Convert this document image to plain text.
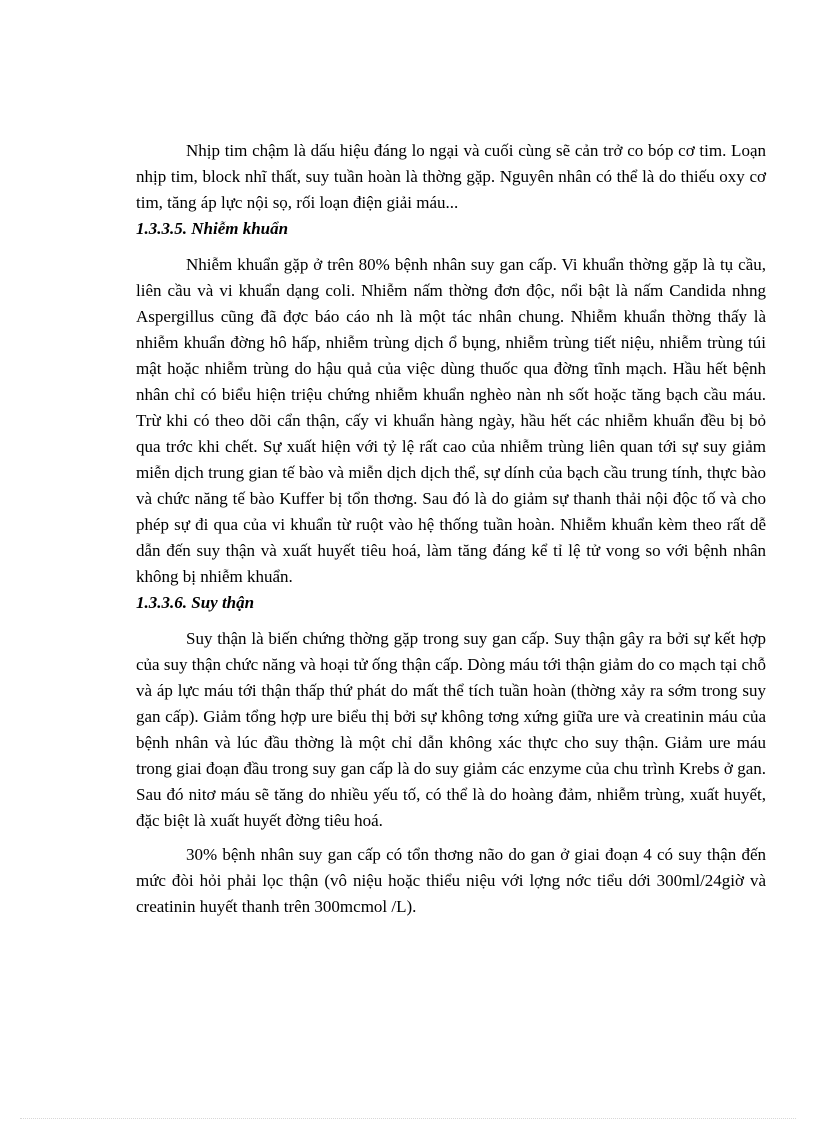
Nhịp tim chậm là dấu hiệu đáng lo ngại và cuối cùng sẽ cản trở co bóp cơ tim. Loạn nhịp tim, block nhĩ thất, suy tuần hoàn là thờng gặp. Nguyên nhân có thể là do thiếu oxy cơ tim, tăng áp lực nội sọ, rối loạn điện giải máu...

1.3.3.5. Nhiễm khuẩn

Nhiễm khuẩn gặp ở trên 80% bệnh nhân suy gan cấp. Vi khuẩn thờng gặp là tụ cầu, liên cầu và vi khuẩn dạng coli. Nhiễm nấm thờng đơn độc, nổi bật là nấm Candida nhng Aspergillus cũng đã đợc báo cáo nh là một tác nhân chung. Nhiễm khuẩn thờng thấy là nhiễm khuẩn đờng hô hấp, nhiễm trùng dịch ổ bụng, nhiễm trùng tiết niệu, nhiễm trùng túi mật hoặc nhiễm trùng do hậu quả của việc dùng thuốc qua đờng tĩnh mạch. Hầu hết bệnh nhân chỉ có biểu hiện triệu chứng nhiễm khuẩn nghèo nàn nh sốt hoặc tăng bạch cầu máu. Trừ khi có theo dõi cẩn thận, cấy vi khuẩn hàng ngày, hầu hết các nhiễm khuẩn đều bị bỏ qua trớc khi chết. Sự xuất hiện với tỷ lệ rất cao của nhiễm trùng liên quan tới sự suy giảm miễn dịch trung gian tế bào và miễn dịch dịch thể, sự dính của bạch cầu trung tính, thực bào và chức năng tế bào Kuffer bị tổn thơng. Sau đó là do giảm sự thanh thải nội độc tố và cho phép sự đi qua của vi khuẩn từ ruột vào hệ thống tuần hoàn. Nhiễm khuẩn kèm theo rất dễ dẫn đến suy thận và xuất huyết tiêu hoá, làm tăng đáng kể tỉ lệ tử vong so với bệnh nhân không bị nhiễm khuẩn.

1.3.3.6. Suy thận

Suy thận là biến chứng thờng gặp trong suy gan cấp. Suy thận gây ra bởi sự kết hợp của suy thận chức năng và hoại tử ống thận cấp. Dòng máu tới thận giảm do co mạch tại chỗ và áp lực máu tới thận thấp thứ phát do mất thể tích tuần hoàn (thờng xảy ra sớm trong suy gan cấp). Giảm tổng hợp ure biểu thị bởi sự không tơng xứng giữa ure và creatinin máu của bệnh nhân và lúc đầu thờng là một chỉ dẫn không xác thực cho suy thận. Giảm ure máu trong giai đoạn đầu trong suy gan cấp là do suy giảm các enzyme của chu trình Krebs ở gan. Sau đó nitơ máu sẽ tăng do nhiều yếu tố, có thể là do hoàng đảm, nhiễm trùng, xuất huyết, đặc biệt là xuất huyết đờng tiêu hoá.

30% bệnh nhân suy gan cấp có tổn thơng não do gan ở giai đoạn 4 có suy thận đến mức đòi hỏi phải lọc thận (vô niệu hoặc thiểu niệu với lợng nớc tiểu dới 300ml/24giờ và creatinin huyết thanh trên 300mcmol /L).
